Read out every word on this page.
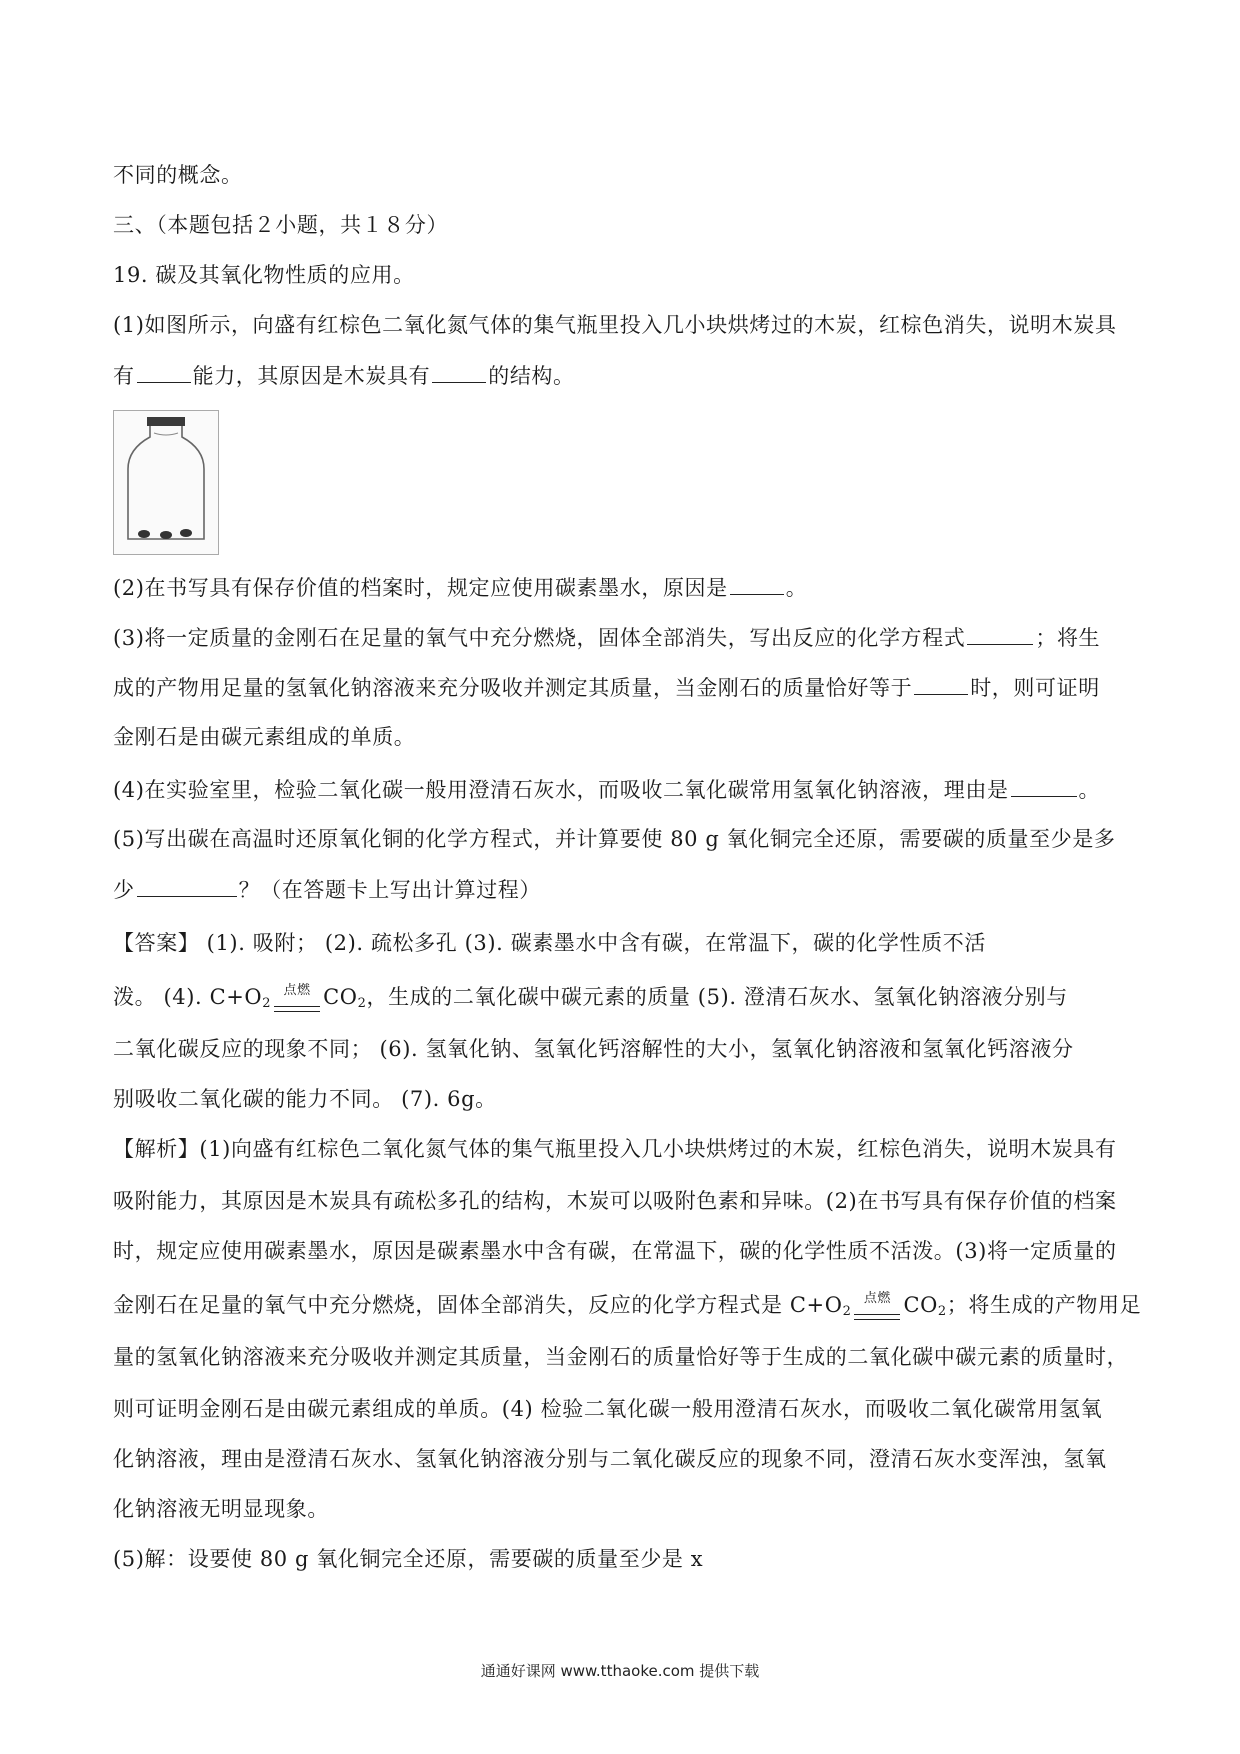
不同的概念。
三、（本题包括２小题，共１８分）
19. 碳及其氧化物性质的应用。
(1)如图所示，向盛有红棕色二氧化氮气体的集气瓶里投入几小块烘烤过的木炭，红棕色消失，说明木炭具
有	能力，其原因是木炭具有	的结构。
(2)在书写具有保存价值的档案时，规定应使用碳素墨水，原因是	。
(3)将一定质量的金刚石在足量的氧气中充分燃烧，固体全部消失，写出反应的化学方程式	；将生
成的产物用足量的氢氧化钠溶液来充分吸收并测定其质量，当金刚石的质量恰好等于	时，则可证明
金刚石是由碳元素组成的单质。
(4)在实验室里，检验二氧化碳一般用澄清石灰水，而吸收二氧化碳常用氢氧化钠溶液，理由是	。
(5)写出碳在高温时还原氧化铜的化学方程式，并计算要使 80 g 氧化铜完全还原，需要碳的质量至少是多
少	？（在答题卡上写出计算过程）
【答案】 (1). 吸附； (2). 疏松多孔 (3). 碳素墨水中含有碳，在常温下，碳的化学性质不活
泼。 (4). $C+O_2^{点燃}$ $CO_2$，生成的二氧化碳中碳元素的质量 (5). 澄清石灰水、氢氧化钠溶液分别与
二氧化碳反应的现象不同； (6). 氢氧化钠、氢氧化钙溶解性的大小，氢氧化钠溶液和氢氧化钙溶液分
别吸收二氧化碳的能力不同。 (7). 6g。
【解析】(1)向盛有红棕色二氧化氮气体的集气瓶里投入几小块烘烤过的木炭，红棕色消失，说明木炭具有
吸附能力，其原因是木炭具有疏松多孔的结构，木炭可以吸附色素和异味。(2)在书写具有保存价值的档案
时，规定应使用碳素墨水，原因是碳素墨水中含有碳，在常温下，碳的化学性质不活泼。(3)将一定质量的
金刚石在足量的氧气中充分燃烧，固体全部消失，反应的化学方程式是 $C+O_2^{点燃}$ $CO_2$；将生成的产物用足
量的氢氧化钠溶液来充分吸收并测定其质量，当金刚石的质量恰好等于生成的二氧化碳中碳元素的质量时，
则可证明金刚石是由碳元素组成的单质。(4) 检验二氧化碳一般用澄清石灰水，而吸收二氧化碳常用氢氧
化钠溶液，理由是澄清石灰水、氢氧化钠溶液分别与二氧化碳反应的现象不同，澄清石灰水变浑浊，氢氧
化钠溶液无明显现象。
(5)解：设要使 80 g 氧化铜完全还原，需要碳的质量至少是 x
通通好课网 www.tthaoke.com 提供下载
